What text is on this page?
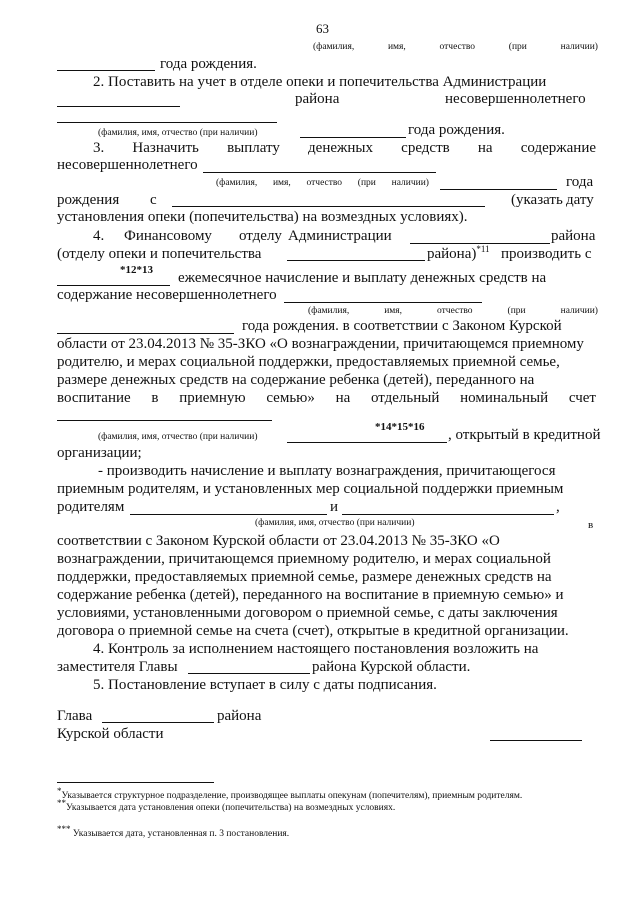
63
(фамилия,	имя,	отчество	(при	наличии)
года рождения.
2. Поставить на учет в отделе опеки и попечительства Администрации
района	несовершеннолетнего
(фамилия, имя, отчество (при наличии)	года рождения.
3. Назначить выплату денежных средств на содержание
несовершеннолетнего
(фамилия, имя, отчество (при наличии)	года
рождения с	(указать дату
установления опеки (попечительства) на возмездных условиях).
4. Финансовому отделу Администрации	района
(отделу опеки и попечительства	района)$^{*11}$ производить с
*12*13 ежемесячное начисление и выплату денежных средств на
содержание несовершеннолетнего
(фамилия,	имя,	отчество	(при	наличии)
года рождения. в соответствии с Законом Курской
области от 23.04.2013 № 35-ЗКО «О вознаграждении, причитающемся приемному
родителю, и мерах социальной поддержки, предоставляемых приемной семье,
размере денежных средств на содержание ребенка (детей), переданного на
воспитание в приемную семью» на отдельный номинальный счет
*14*15*16
(фамилия, имя, отчество (при наличии)	, открытый в кредитной
организации;
- производить начисление и выплату вознаграждения, причитающегося
приемным родителям, и установленных мер социальной поддержки приемным
родителям	и	,
(фамилия, имя, отчество (при наличии)	в
соответствии с Законом Курской области от 23.04.2013 № 35-ЗКО «О
вознаграждении, причитающемся приемному родителю, и мерах социальной
поддержки, предоставляемых приемной семье, размере денежных средств на
содержание ребенка (детей), переданного на воспитание в приемную семью» и
условиями, установленными договором о приемной семье, с даты заключения
договора о приемной семье на счета (счет), открытые в кредитной организации.
4. Контроль за исполнением настоящего постановления возложить на
заместителя Главы	района Курской области.
5. Постановление вступает в силу с даты подписания.
Глава	района
Курской области
*Указывается структурное подразделение, производящее выплаты опекунам (попечителям), приемным родителям.
**Указывается дата установления опеки (попечительства) на возмездных условиях.
*** Указывается дата, установленная п. 3 постановления.
